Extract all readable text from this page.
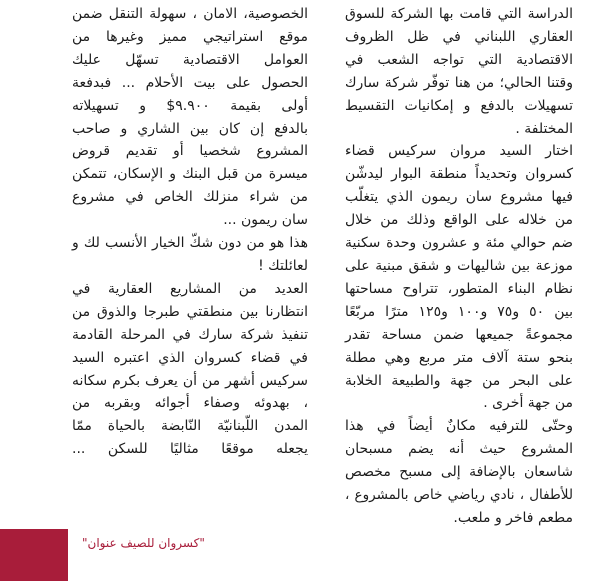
الدراسة التي قامت بها الشركة للسوق
العقاري اللبناني في ظل الظروف
الاقتصادية التي تواجه الشعب في
وقتنا الحالي؛ من هنا توفّر شركة سارك
تسهيلات بالدفع و إمكانيات التقسيط
المختلفة .

اختار السيد مروان سركيس قضاء
كسروان وتحديداً منطقة البوار ليدشّن
فيها مشروع سان ريمون الذي يتغلّب
من خلاله على الواقع وذلك من خلال
ضم حوالي مئة و عشرون وحدة سكنية
موزعة بين شاليهات و شقق مبنية على
نظام البناء المتطور، تتراوح مساحتها
بين ٥٠ و٧٥ و١٠٠ و١٢٥ مترًا مربّعًا
مجموعةً جميعها ضمن مساحة تقدر
بنحو ستة آلاف متر مربع وهي مطلة
على البحر من جهة والطبيعة الخلابة
من جهة أخرى .

وحتّى للترفيه مكانٌ أيضاً في هذا
المشروع حيث أنه يضم مسبحان
شاسعان بالإضافة إلى مسبح مخصص
للأطفال ، نادي رياضي خاص بالمشروع ،
مطعم فاخر و ملعب.

الخصوصية، الامان ، سهولة التنقل ضمن
موقع استراتيجي مميز وغيرها من
العوامل الاقتصادية تسهّل عليك
الحصول على بيت الأحلام ... فبدفعة
أولى بقيمة ٩.٩٠٠$ و تسهيلاته
بالدفع إن كان بين الشاري و صاحب
المشروع شخصيا أو تقديم قروض
ميسرة من قبل البنك و الإسكان، تتمكن
من شراء منزلك الخاص في مشروع
سان ريمون ...

هذا هو من دون شكّ الخيار الأنسب لك و
لعائلتك !

العديد من المشاريع العقارية في
انتظارنا بين منطقتي طبرجا والذوق من
تنفيذ شركة سارك في المرحلة القادمة
في قضاء كسروان الذي اعتبره السيد
سركيس أشهر من أن يعرف بكرم سكانه
، بهدوئه وصفاء أجوائه وبقربه من
المدن اللّبنانيّة النّابضة بالحياة ممّا
يجعله موقعًا مثاليًا للسكن ...

"كسروان للصيف عنوان"
